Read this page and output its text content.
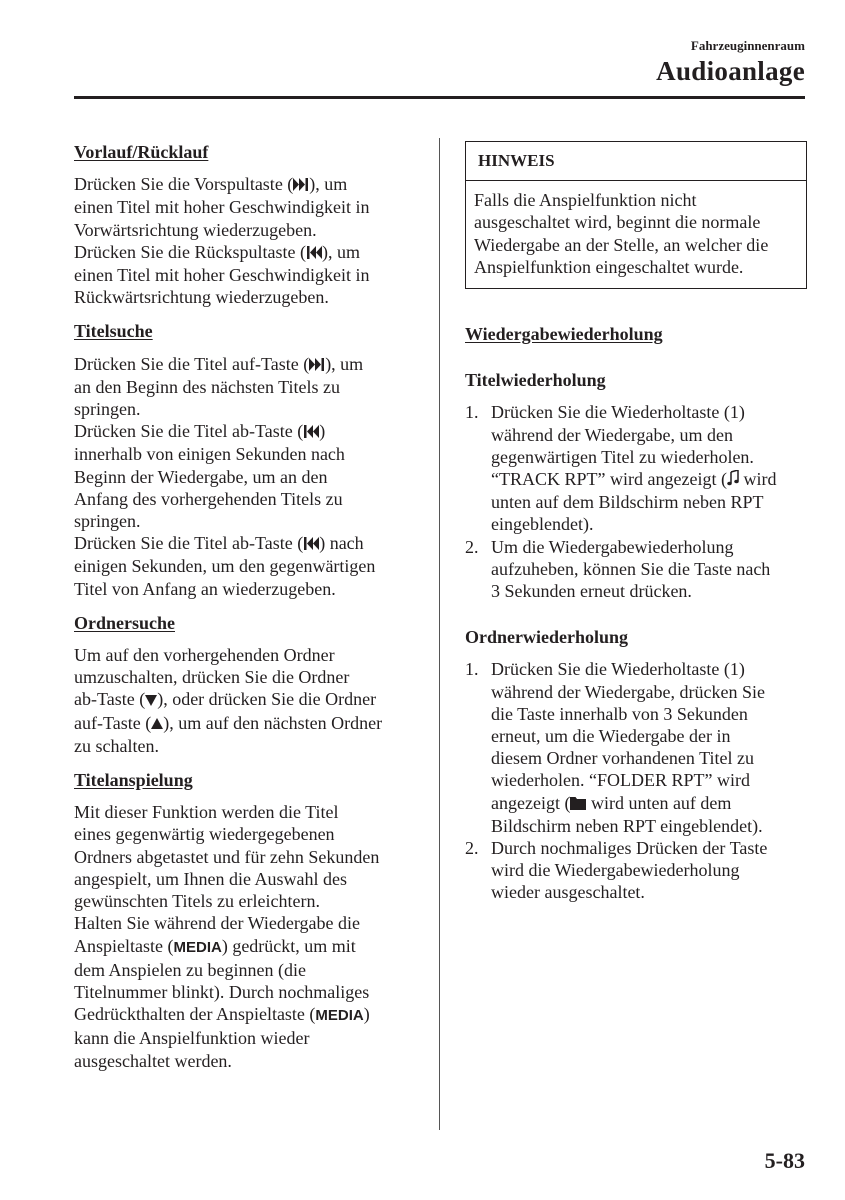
Fahrzeuginnenraum
Audioanlage
Vorlauf/Rücklauf

Drücken Sie die Vorspultaste ( ), um
einen Titel mit hoher Geschwindigkeit in
Vorwärtsrichtung wiederzugeben.
Drücken Sie die Rückspultaste ( ), um
einen Titel mit hoher Geschwindigkeit in
Rückwärtsrichtung wiederzugeben.

Titelsuche

Drücken Sie die Titel auf-Taste ( ), um
an den Beginn des nächsten Titels zu
springen.
Drücken Sie die Titel ab-Taste ( )
innerhalb von einigen Sekunden nach
Beginn der Wiedergabe, um an den
Anfang des vorhergehenden Titels zu
springen.
Drücken Sie die Titel ab-Taste ( ) nach
einigen Sekunden, um den gegenwärtigen
Titel von Anfang an wiederzugeben.

Ordnersuche

Um auf den vorhergehenden Ordner
umzuschalten, drücken Sie die Ordner
ab-Taste ( ), oder drücken Sie die Ordner
auf-Taste ( ), um auf den nächsten Ordner
zu schalten.

Titelanspielung

Mit dieser Funktion werden die Titel
eines gegenwärtig wiedergegebenen
Ordners abgetastet und für zehn Sekunden
angespielt, um Ihnen die Auswahl des
gewünschten Titels zu erleichtern.
Halten Sie während der Wiedergabe die
Anspieltaste (MEDIA) gedrückt, um mit
dem Anspielen zu beginnen (die
Titelnummer blinkt). Durch nochmaliges
Gedrückthalten der Anspieltaste (MEDIA)
kann die Anspielfunktion wieder
ausgeschaltet werden.

HINWEIS
Falls die Anspielfunktion nicht
ausgeschaltet wird, beginnt die normale
Wiedergabe an der Stelle, an welcher die
Anspielfunktion eingeschaltet wurde.
Wiedergabewiederholung
Titelwiederholung
1. Drücken Sie die Wiederholtaste (1)
während der Wiedergabe, um den
gegenwärtigen Titel zu wiederholen.
“TRACK RPT” wird angezeigt ( wird
unten auf dem Bildschirm neben RPT
eingeblendet).
2. Um die Wiedergabewiederholung
aufzuheben, können Sie die Taste nach
3 Sekunden erneut drücken.
Ordnerwiederholung
1. Drücken Sie die Wiederholtaste (1)
während der Wiedergabe, drücken Sie
die Taste innerhalb von 3 Sekunden
erneut, um die Wiedergabe der in
diesem Ordner vorhandenen Titel zu
wiederholen. “FOLDER RPT” wird
angezeigt ( wird unten auf dem
Bildschirm neben RPT eingeblendet).
2. Durch nochmaliges Drücken der Taste
wird die Wiedergabewiederholung
wieder ausgeschaltet.
5-83
